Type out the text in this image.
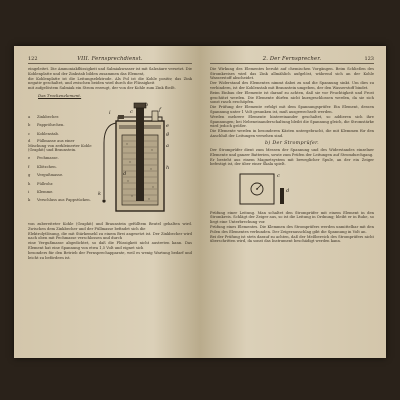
122	VIII. Fernsprechdienst.

eingeleitet. Die Ammoniakflüssigkeit und Salmiakwasser ist mit Salzsäure versetzt. Die Kohlenplatte und der Zinkstab bilden zusammen das Element,

die Kohlenplatte ist die Leitungselektrode. Als Pol ist die Kohle positiv, das Zink negativ geschaltet, und zwischen beiden wird durch die Flüssigkeit

mit aufgelöstem Salmiak ein Strom erzeugt, der von der Kohle zum Zink fließt.

Das Trockenelement.
a Zinkbecher.
b Pappröhrchen.
c Kohlenstab.
d Füllmasse aus einer Mischung von zerkleinerter Kohle (Graphit) und Braunstein.
e Pechmasse.
f Klötzchen.
g Vergußmasse.
h Füllrohr.
i Klemme.
k Verschluss aus Pappstücken.
a
b
c
d
e
f
g
h
i
k

von zubereiteter Kohle (Graphit) und Braunstein gefülltem Beutel gehalten wird. Zwischen dem Zinkbecher und der Füllmasse befindet sich die

Elektrolytlösung, die mit Stärkemehl zu einem Brei angesetzt ist. Der Zinkbecher wird nach oben mit Pechmasse verschlossen und durch

eine Vergußmasse abgedichtet, so daß die Flüssigkeit nicht austreten kann. Das Element hat eine Spannung von etwa 1,5 Volt und eignet sich

besonders für den Betrieb der Fernsprechapparate, weil es wenig Wartung bedarf und leicht zu befördern ist.

2. Der Fernsprecher.	123

Die Wirkung des Elementes beruht auf chemischen Vorgängen. Beim Schließen des Stromkreises wird das Zink allmählich aufgelöst, während sich an der Kohle Wasserstoff abscheidet.

Der Widerstand des Elementes nimmt dabei zu und die Spannung sinkt. Um dies zu verhindern, ist der Kohlenstab mit Braunstein umgeben, der den Wasserstoff bindet.

Beim Einbau der Elemente ist darauf zu achten, daß sie vor Feuchtigkeit und Frost geschützt werden. Die Elemente dürfen nicht kurzgeschlossen werden, da sie sich sonst rasch erschöpfen.

Die Prüfung der Elemente erfolgt mit dem Spannungsprüfer. Ein Element, dessen Spannung unter 1 Volt gesunken ist, muß ausgewechselt werden.

Werden mehrere Elemente hintereinander geschaltet, so addieren sich ihre Spannungen; bei Nebeneinanderschaltung bleibt die Spannung gleich, die Stromstärke wird jedoch größer.

Die Elemente werden in besonderen Kästen untergebracht, die mit Klemmen für den Anschluß der Leitungen versehen sind.

b) Der Stromprüfer.

Der Stromprüfer dient zum Messen der Spannung und des Widerstandes einzelner Elemente und ganzer Batterien, sowie zum Prüfen der Leitungen auf Stromdurchgang.

Er besteht aus einem Magnetsystem mit beweglicher Spule, an der ein Zeiger befestigt ist, der über einer Skala spielt.

c
d

Prüfung einer Leitung. Man schaltet den Stromprüfer mit einem Element in den Stromkreis. Schlägt der Zeiger aus, so ist die Leitung in Ordnung; bleibt er in Ruhe, so liegt eine Unterbrechung vor.

Prüfung eines Elementes. Die Klemmen des Stromprüfers werden unmittelbar mit den Polen des Elementes verbunden. Der Zeigerausschlag gibt die Spannung in Volt an.

Bei der Prüfung ist stets darauf zu achten, daß der Meßbereich des Stromprüfers nicht überschritten wird, da sonst das Instrument beschädigt werden kann.
